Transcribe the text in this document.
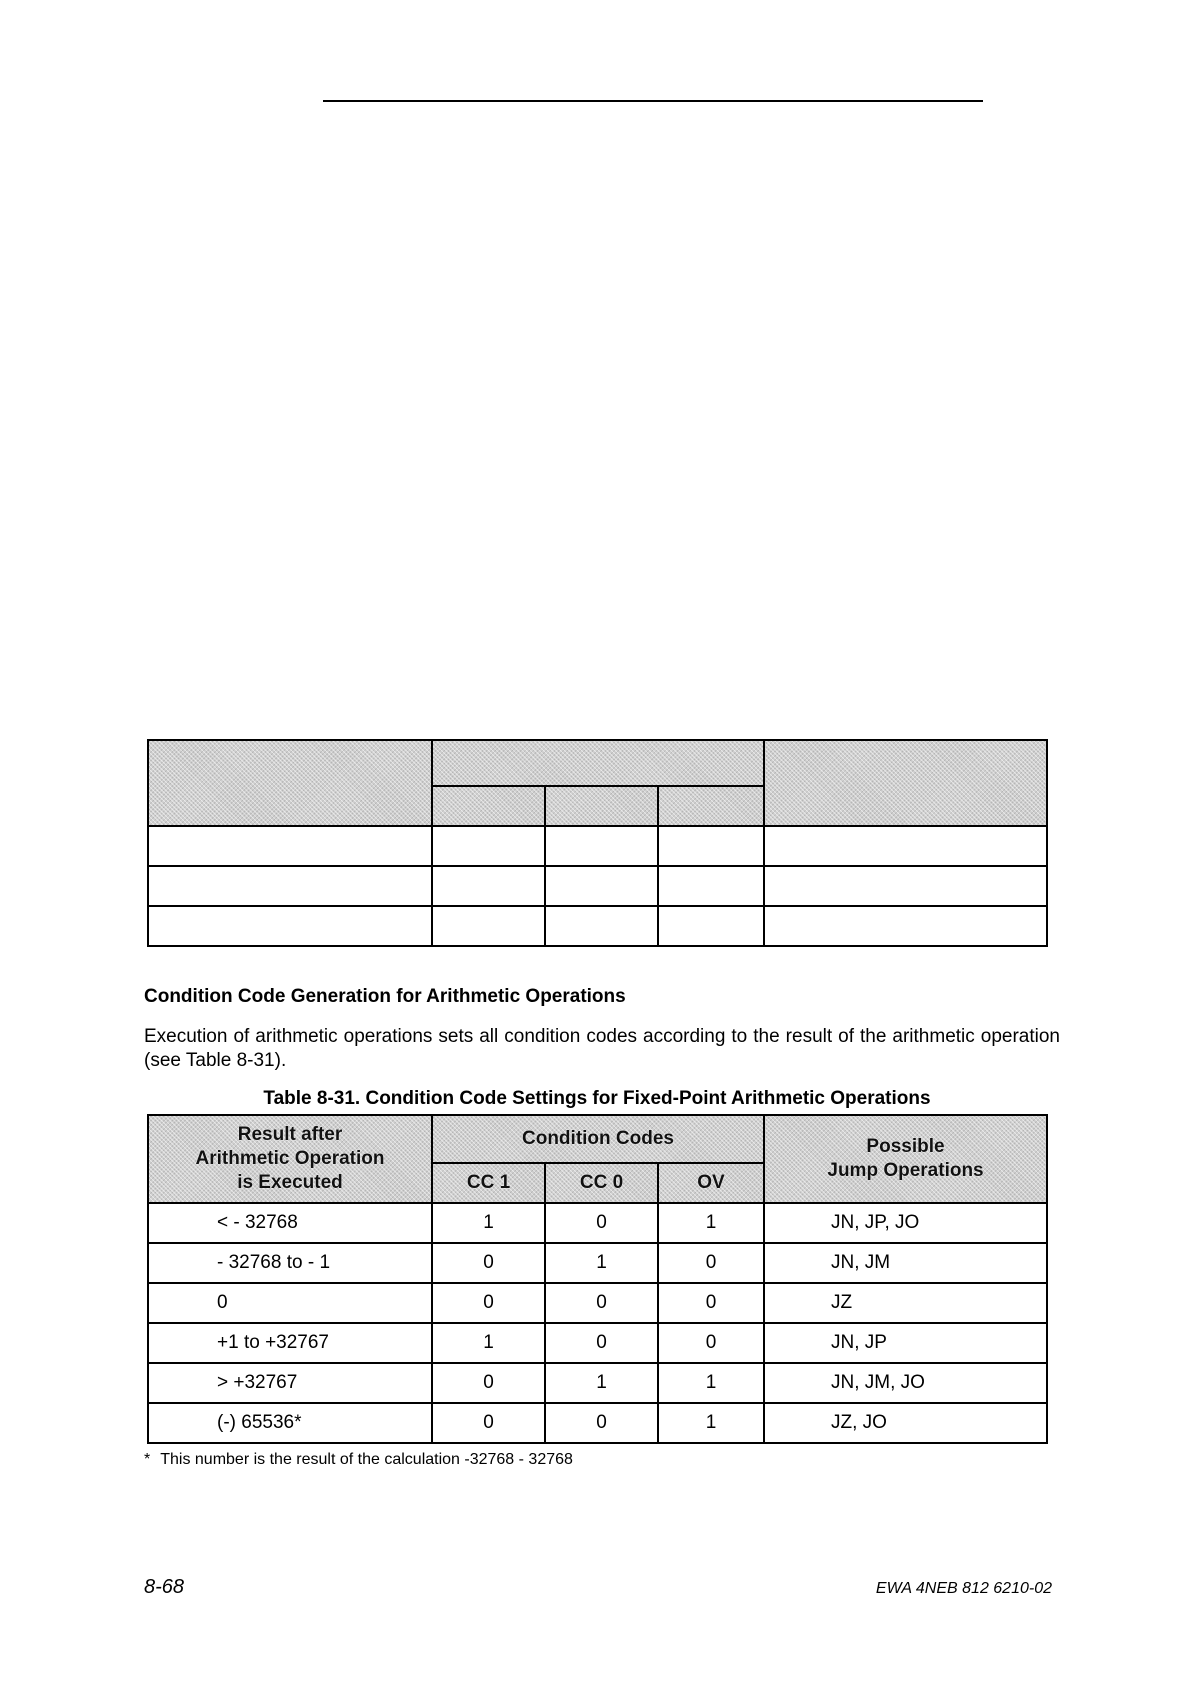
Condition Code Generation for Arithmetic Operations

Execution of arithmetic operations sets all condition codes according to the result of the arithmetic operation (see Table 8-31).

Table 8-31. Condition Code Settings for Fixed-Point Arithmetic Operations

Result after
Arithmetic Operation
is Executed	Condition Codes			Possible
Jump Operations

	CC 1	CC 0	OV	
< - 32768	1	0	1	JN, JP, JO
- 32768 to - 1	0	1	0	JN, JM
0	0	0	0	JZ
+1 to +32767	1	0	0	JN, JP
> +32767	0	1	1	JN, JM, JO
(-) 65536*	0	0	1	JZ, JO

* This number is the result of the calculation -32768 - 32768

8-68	EWA 4NEB 812 6210-02
